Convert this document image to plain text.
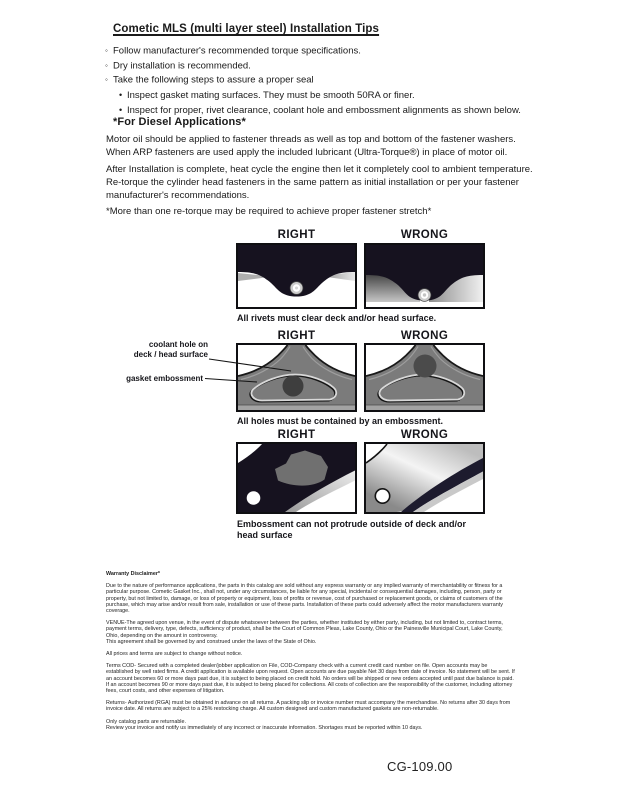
Cometic MLS (multi layer steel) Installation Tips
◦ Follow manufacturer's recommended torque specifications.
◦ Dry installation is recommended.
◦ Take the following steps to assure a proper seal
• Inspect gasket mating surfaces. They must be smooth 50RA or finer.
• Inspect for proper, rivet clearance, coolant hole and embossment alignments as shown below.
*For Diesel Applications*
Motor oil should be applied to fastener threads as well as top and bottom of the fastener washers. When ARP fasteners are used apply the included lubricant (Ultra-Torque®) in place of motor oil.
After Installation is complete, heat cycle the engine then let it completely cool to ambient temperature. Re-torque the cylinder head fasteners in the same pattern as initial installation or per your fastener manufacturer's recommendations.
*More than one re-torque may be required to achieve proper fastener stretch*
RIGHT	WRONG
All rivets must clear deck and/or head surface.
RIGHT	WRONG
coolant hole on
deck / head surface
gasket embossment
All holes must be contained by an embossment.
RIGHT	WRONG
Embossment can not protrude outside of deck and/or head surface
Warranty Disclaimer*

Due to the nature of performance applications, the parts in this catalog are sold without any express warranty or any implied warranty of merchantability or fitness for a particular purpose. Cometic Gasket Inc., shall not, under any circumstances, be liable for any special, incidental or consequential damages, including, person, party or property, but not limited to, damage, or loss of property or equipment, loss of profits or revenue, cost of purchased or replacement goods, or claims of customers of the purchase, which may arise and/or result from sale, installation or use of these parts. Installation of these parts could adversely affect the motor manufacturers warranty coverage.

VENUE-The agreed upon venue, in the event of dispute whatsoever between the parties, whether instituted by either party, including, but not limited to, contract terms, payment terms, delivery, type, defects, sufficiency of product, shall be the Court of Common Pleas, Lake County, Ohio or the Painesville Municipal Court, Lake County, Ohio, depending on the amount in controversy.

This agreement shall be governed by and construed under the laws of the State of Ohio.

All prices and terms are subject to change without notice.

Terms COD- Secured with a completed dealer/jobber application on File, COD-Company check with a current credit card number on file. Open accounts may be established by well rated firms. A credit application is available upon request. Open accounts are due payable Net 30 days from date of invoice. No statement will be sent. If an account becomes 60 or more days past due, it is subject to being placed on credit hold. No orders will be shipped or new orders accepted until past due balance is paid. If an account becomes 90 or more days past due, it is subject to being placed for collections. All costs of collection are the responsibility of the customer, including attorney fees, court costs, and other expenses of litigation.

Returns- Authorized (RGA) must be obtained in advance on all returns. A packing slip or invoice number must accompany the merchandise. No returns after 30 days from invoice date. All returns are subject to a 25% restocking charge. All custom designed and custom manufactured gaskets are non-returnable.

Only catalog parts are returnable.

Review your invoice and notify us immediately of any incorrect or inaccurate information. Shortages must be reported within 10 days.

CG-109.00
